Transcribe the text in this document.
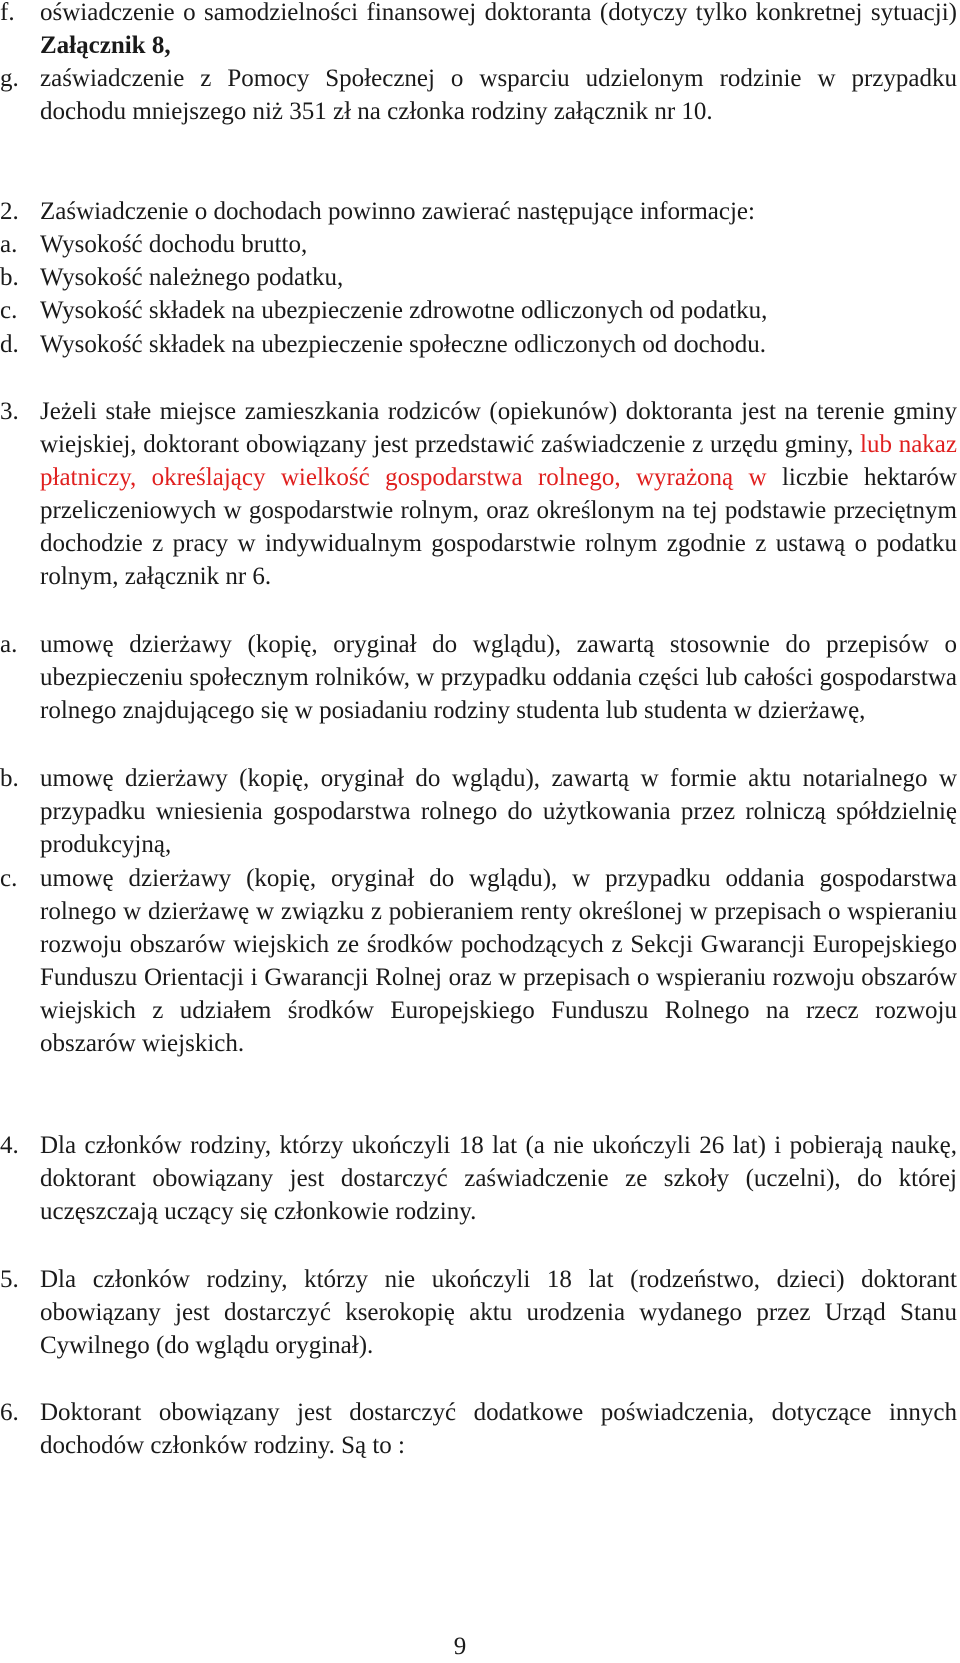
f.	oświadczenie o samodzielności finansowej doktoranta (dotyczy tylko konkretnej sytuacji) Załącznik 8,
g. zaświadczenie z Pomocy Społecznej o wsparciu udzielonym rodzinie w przypadku dochodu mniejszego niż 351 zł na członka rodziny załącznik nr 10.
2. Zaświadczenie o dochodach powinno zawierać następujące informacje:
a. Wysokość dochodu brutto,
b. Wysokość należnego podatku,
c. Wysokość składek na ubezpieczenie zdrowotne odliczonych od podatku,
d. Wysokość składek na ubezpieczenie społeczne odliczonych od dochodu.
3. Jeżeli stałe miejsce zamieszkania rodziców (opiekunów) doktoranta jest na terenie gminy wiejskiej, doktorant obowiązany jest przedstawić zaświadczenie z urzędu gminy, lub nakaz płatniczy, określający wielkość gospodarstwa rolnego, wyrażoną w liczbie hektarów przeliczeniowych w gospodarstwie rolnym, oraz określonym na tej podstawie przeciętnym dochodzie z pracy w indywidualnym gospodarstwie rolnym zgodnie z ustawą o podatku rolnym, załącznik nr 6.
a. umowę dzierżawy (kopię, oryginał do wglądu), zawartą stosownie do przepisów o ubezpieczeniu społecznym rolników, w przypadku oddania części lub całości gospodarstwa rolnego znajdującego się w posiadaniu rodziny studenta lub studenta w dzierżawę,
b. umowę dzierżawy (kopię, oryginał do wglądu), zawartą w formie aktu notarialnego w przypadku wniesienia gospodarstwa rolnego do użytkowania przez rolniczą spółdzielnię produkcyjną,
c. umowę dzierżawy (kopię, oryginał do wglądu), w przypadku oddania gospodarstwa rolnego w dzierżawę w związku z pobieraniem renty określonej w przepisach o wspieraniu rozwoju obszarów wiejskich ze środków pochodzących z Sekcji Gwarancji Europejskiego Funduszu Orientacji i Gwarancji Rolnej oraz w przepisach o wspieraniu rozwoju obszarów wiejskich z udziałem środków Europejskiego Funduszu Rolnego na rzecz rozwoju obszarów wiejskich.
4. Dla członków rodziny, którzy ukończyli 18 lat (a nie ukończyli 26 lat) i pobierają naukę, doktorant obowiązany jest dostarczyć zaświadczenie ze szkoły (uczelni), do której uczęszczają uczący się członkowie rodziny.
5. Dla członków rodziny, którzy nie ukończyli 18 lat (rodzeństwo, dzieci) doktorant obowiązany jest dostarczyć kserokopię aktu urodzenia wydanego przez Urząd Stanu Cywilnego (do wglądu oryginał).
6. Doktorant obowiązany jest dostarczyć dodatkowe poświadczenia, dotyczące innych dochodów członków rodziny. Są to :
9
